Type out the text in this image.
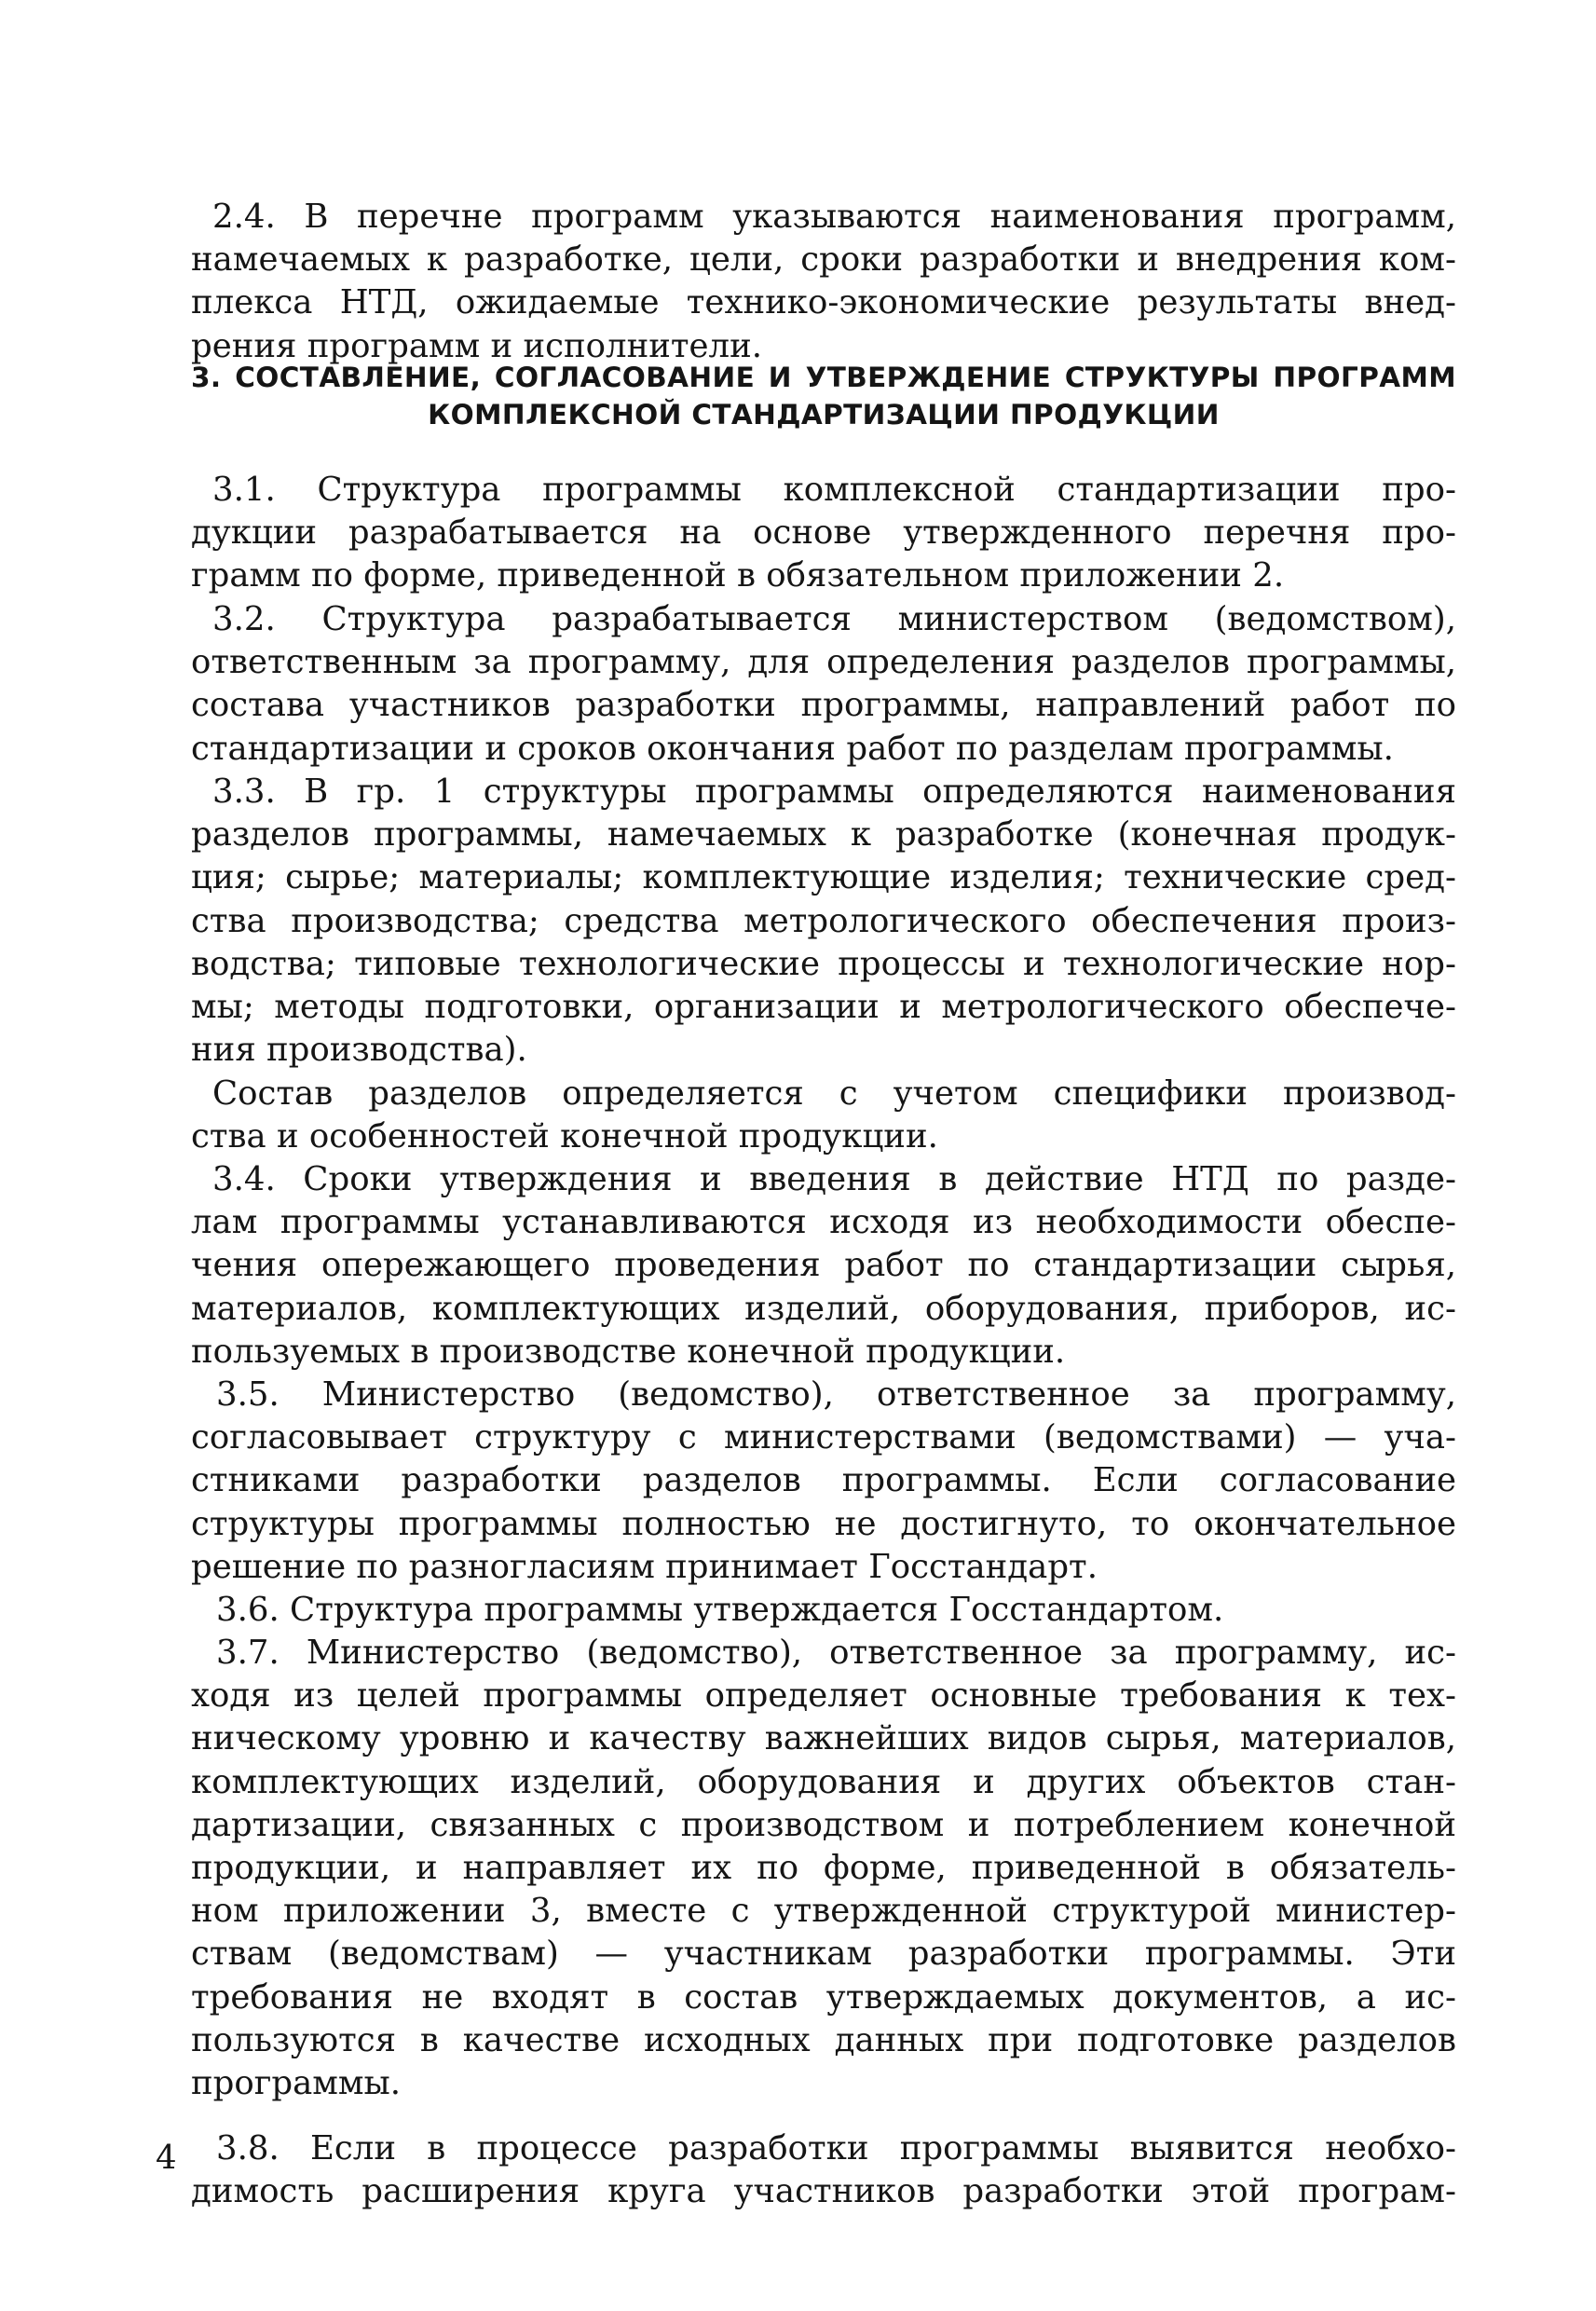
2.4. В перечне программ указываются наименования программ,
намечаемых к разработке, цели, сроки разработки и внедрения ком-
плекса НТД, ожидаемые технико-экономические результаты внед-
рения программ и исполнители.
3. СОСТАВЛЕНИЕ, СОГЛАСОВАНИЕ И УТВЕРЖДЕНИЕ СТРУКТУРЫ ПРОГРАММ
КОМПЛЕКСНОЙ СТАНДАРТИЗАЦИИ ПРОДУКЦИИ
3.1. Структура программы комплексной стандартизации про-
дукции разрабатывается на основе утвержденного перечня про-
грамм по форме, приведенной в обязательном приложении 2.
3.2. Структура разрабатывается министерством (ведомством),
ответственным за программу, для определения разделов программы,
состава участников разработки программы, направлений работ по
стандартизации и сроков окончания работ по разделам программы.
3.3. В гр. 1 структуры программы определяются наименования
разделов программы, намечаемых к разработке (конечная продук-
ция; сырье; материалы; комплектующие изделия; технические сред-
ства производства; средства метрологического обеспечения произ-
водства; типовые технологические процессы и технологические нор-
мы; методы подготовки, организации и метрологического обеспече-
ния производства).
Состав разделов определяется с учетом специфики производ-
ства и особенностей конечной продукции.
3.4. Сроки утверждения и введения в действие НТД по разде-
лам программы устанавливаются исходя из необходимости обеспе-
чения опережающего проведения работ по стандартизации сырья,
материалов, комплектующих изделий, оборудования, приборов, ис-
пользуемых в производстве конечной продукции.
3.5. Министерство (ведомство), ответственное за программу,
согласовывает структуру с министерствами (ведомствами) — уча-
стниками разработки разделов программы. Если согласование
структуры программы полностью не достигнуто, то окончательное
решение по разногласиям принимает Госстандарт.
3.6. Структура программы утверждается Госстандартом.
3.7. Министерство (ведомство), ответственное за программу, ис-
ходя из целей программы определяет основные требования к тех-
ническому уровню и качеству важнейших видов сырья, материалов,
комплектующих изделий, оборудования и других объектов стан-
дартизации, связанных с производством и потреблением конечной
продукции, и направляет их по форме, приведенной в обязатель-
ном приложении 3, вместе с утвержденной структурой министер-
ствам (ведомствам) — участникам разработки программы. Эти
требования не входят в состав утверждаемых документов, а ис-
пользуются в качестве исходных данных при подготовке разделов
программы.
3.8. Если в процессе разработки программы выявится необхо-
димость расширения круга участников разработки этой програм-
4
